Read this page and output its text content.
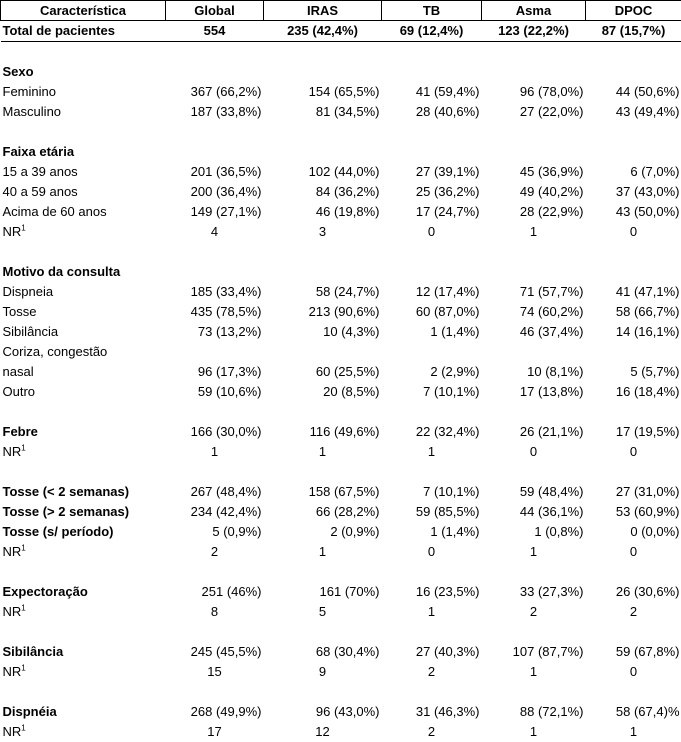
Característica	Global	IRAS	TB	Asma	DPOC
Total de pacientes	554	235 (42,4%)	69 (12,4%)	123 (22,2%)	87 (15,7%)

Sexo					
Feminino	367 (66,2%)	154 (65,5%)	41 (59,4%)	96 (78,0%)	44 (50,6%)
Masculino	187 (33,8%)	81 (34,5%)	28 (40,6%)	27 (22,0%)	43 (49,4%)

Faixa etária					
15 a 39 anos	201 (36,5%)	102 (44,0%)	27 (39,1%)	45 (36,9%)	6 (7,0%)
40 a 59 anos	200 (36,4%)	84 (36,2%)	25 (36,2%)	49 (40,2%)	37 (43,0%)
Acima de 60 anos	149 (27,1%)	46 (19,8%)	17 (24,7%)	28 (22,9%)	43 (50,0%)
$NR^1$	4	3	0	1	0

Motivo da consulta					
Dispneia	185 (33,4%)	58 (24,7%)	12 (17,4%)	71 (57,7%)	41 (47,1%)
Tosse	435 (78,5%)	213 (90,6%)	60 (87,0%)	74 (60,2%)	58 (66,7%)
Sibilância	73 (13,2%)	10 (4,3%)	1 (1,4%)	46 (37,4%)	14 (16,1%)
Coriza, congestão					
nasal	96 (17,3%)	60 (25,5%)	2 (2,9%)	10 (8,1%)	5 (5,7%)
Outro	59 (10,6%)	20 (8,5%)	7 (10,1%)	17 (13,8%)	16 (18,4%)

Febre	166 (30,0%)	116 (49,6%)	22 (32,4%)	26 (21,1%)	17 (19,5%)
$NR^1$	1	1	1	0	0

Tosse (< 2 semanas)	267 (48,4%)	158 (67,5%)	7 (10,1%)	59 (48,4%)	27 (31,0%)
Tosse (> 2 semanas)	234 (42,4%)	66 (28,2%)	59 (85,5%)	44 (36,1%)	53 (60,9%)
Tosse (s/ período)	5 (0,9%)	2 (0,9%)	1 (1,4%)	1 (0,8%)	0 (0,0%)
$NR^1$	2	1	0	1	0

Expectoração	251 (46%)	161 (70%)	16 (23,5%)	33 (27,3%)	26 (30,6%)
$NR^1$	8	5	1	2	2

Sibilância	245 (45,5%)	68 (30,4%)	27 (40,3%)	107 (87,7%)	59 (67,8%)
$NR^1$	15	9	2	1	0

Dispnéia	268 (49,9%)	96 (43,0%)	31 (46,3%)	88 (72,1%)	58 (67,4)%
$NR^1$	17	12	2	1	1
